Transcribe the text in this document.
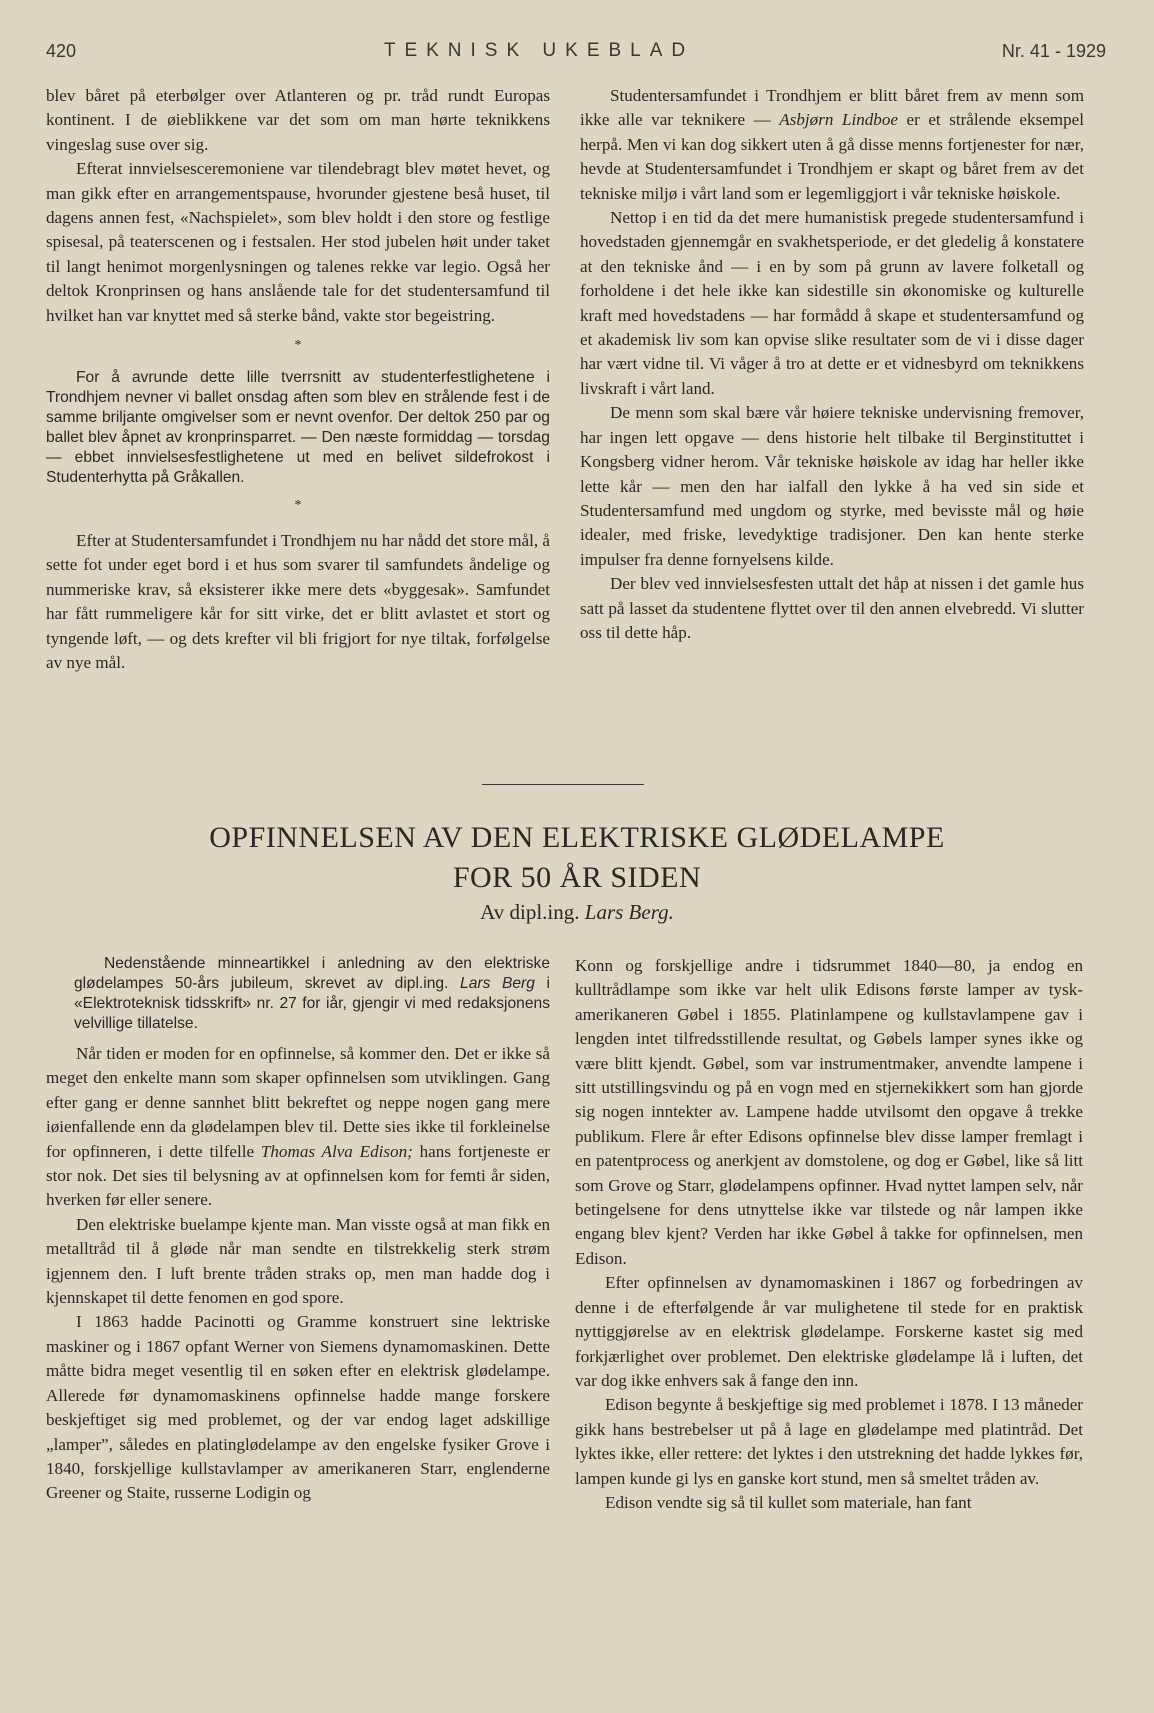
420	TEKNISK UKEBLAD	Nr. 41 - 1929

blev båret på eterbølger over Atlanteren og pr. tråd rundt Europas kontinent. I de øieblikkene var det som om man hørte teknikkens vingeslag suse over sig.

Efterat innvielsesceremoniene var tilendebragt blev møtet hevet, og man gikk efter en arrangementspause, hvorunder gjestene beså huset, til dagens annen fest, «Nachspielet», som blev holdt i den store og festlige spisesal, på teaterscenen og i festsalen. Her stod jubelen høit under taket til langt henimot morgenlysningen og talenes rekke var legio. Også her deltok Kronprinsen og hans anslående tale for det studentersamfund til hvilket han var knyttet med så sterke bånd, vakte stor begeistring.

*

For å avrunde dette lille tverrsnitt av studenterfestlighetene i Trondhjem nevner vi ballet onsdag aften som blev en strålende fest i de samme briljante omgivelser som er nevnt ovenfor. Der deltok 250 par og ballet blev åpnet av kronprinsparret. — Den næste formiddag — torsdag — ebbet innvielsesfestlighetene ut med en belivet sildefrokost i Studenterhytta på Gråkallen.

*

Efter at Studentersamfundet i Trondhjem nu har nådd det store mål, å sette fot under eget bord i et hus som svarer til samfundets åndelige og nummeriske krav, så eksisterer ikke mere dets «byggesak». Samfundet har fått rummeligere kår for sitt virke, det er blitt avlastet et stort og tyngende løft, — og dets krefter vil bli frigjort for nye tiltak, forfølgelse av nye mål.

Studentersamfundet i Trondhjem er blitt båret frem av menn som ikke alle var teknikere — Asbjørn Lindboe er et strålende eksempel herpå. Men vi kan dog sikkert uten å gå disse menns fortjenester for nær, hevde at Studentersamfundet i Trondhjem er skapt og båret frem av det tekniske miljø i vårt land som er legemliggjort i vår tekniske høiskole.

Nettop i en tid da det mere humanistisk pregede studentersamfund i hovedstaden gjennemgår en svakhetsperiode, er det gledelig å konstatere at den tekniske ånd — i en by som på grunn av lavere folketall og forholdene i det hele ikke kan sidestille sin økonomiske og kulturelle kraft med hovedstadens — har formådd å skape et studentersamfund og et akademisk liv som kan opvise slike resultater som de vi i disse dager har vært vidne til. Vi våger å tro at dette er et vidnesbyrd om teknikkens livskraft i vårt land.

De menn som skal bære vår høiere tekniske undervisning fremover, har ingen lett opgave — dens historie helt tilbake til Berginstituttet i Kongsberg vidner herom. Vår tekniske høiskole av idag har heller ikke lette kår — men den har ialfall den lykke å ha ved sin side et Studentersamfund med ungdom og styrke, med bevisste mål og høie idealer, med friske, levedyktige tradisjoner. Den kan hente sterke impulser fra denne fornyelsens kilde.

Der blev ved innvielsesfesten uttalt det håp at nissen i det gamle hus satt på lasset da studentene flyttet over til den annen elvebredd. Vi slutter oss til dette håp.

OPFINNELSEN AV DEN ELEKTRISKE GLØDELAMPE
FOR 50 ÅR SIDEN
Av dipl.ing. Lars Berg.

Nedenstående minneartikkel i anledning av den elektriske glødelampes 50-års jubileum, skrevet av dipl.ing. Lars Berg i «Elektroteknisk tidsskrift» nr. 27 for iår, gjengir vi med redaksjonens velvillige tillatelse.

Når tiden er moden for en opfinnelse, så kommer den. Det er ikke så meget den enkelte mann som skaper opfinnelsen som utviklingen. Gang efter gang er denne sannhet blitt bekreftet og neppe nogen gang mere iøienfallende enn da glødelampen blev til. Dette sies ikke til forkleinelse for opfinneren, i dette tilfelle Thomas Alva Edison; hans fortjeneste er stor nok. Det sies til belysning av at opfinnelsen kom for femti år siden, hverken før eller senere.

Den elektriske buelampe kjente man. Man visste også at man fikk en metalltråd til å gløde når man sendte en tilstrekkelig sterk strøm igjennem den. I luft brente tråden straks op, men man hadde dog i kjennskapet til dette fenomen en god spore.

I 1863 hadde Pacinotti og Gramme konstruert sine lektriske maskiner og i 1867 opfant Werner von Siemens dynamomaskinen. Dette måtte bidra meget vesentlig til en søken efter en elektrisk glødelampe. Allerede før dynamomaskinens opfinnelse hadde mange forskere beskjeftiget sig med problemet, og der var endog laget adskillige „lamper”, således en platinglødelampe av den engelske fysiker Grove i 1840, forskjellige kullstavlamper av amerikaneren Starr, englenderne Greener og Staite, russerne Lodigin og

Konn og forskjellige andre i tidsrummet 1840—80, ja endog en kulltrådlampe som ikke var helt ulik Edisons første lamper av tysk-amerikaneren Gøbel i 1855. Platinlampene og kullstavlampene gav i lengden intet tilfredsstillende resultat, og Gøbels lamper synes ikke og være blitt kjendt. Gøbel, som var instrumentmaker, anvendte lampene i sitt utstillingsvindu og på en vogn med en stjernekikkert som han gjorde sig nogen inntekter av. Lampene hadde utvilsomt den opgave å trekke publikum. Flere år efter Edisons opfinnelse blev disse lamper fremlagt i en patentprocess og anerkjent av domstolene, og dog er Gøbel, like så litt som Grove og Starr, glødelampens opfinner. Hvad nyttet lampen selv, når betingelsene for dens utnyttelse ikke var tilstede og når lampen ikke engang blev kjent? Verden har ikke Gøbel å takke for opfinnelsen, men Edison.

Efter opfinnelsen av dynamomaskinen i 1867 og forbedringen av denne i de efterfølgende år var mulighetene til stede for en praktisk nyttiggjørelse av en elektrisk glødelampe. Forskerne kastet sig med forkjærlighet over problemet. Den elektriske glødelampe lå i luften, det var dog ikke enhvers sak å fange den inn.

Edison begynte å beskjeftige sig med problemet i 1878. I 13 måneder gikk hans bestrebelser ut på å lage en glødelampe med platintråd. Det lyktes ikke, eller rettere: det lyktes i den utstrekning det hadde lykkes før, lampen kunde gi lys en ganske kort stund, men så smeltet tråden av.

Edison vendte sig så til kullet som materiale, han fant
